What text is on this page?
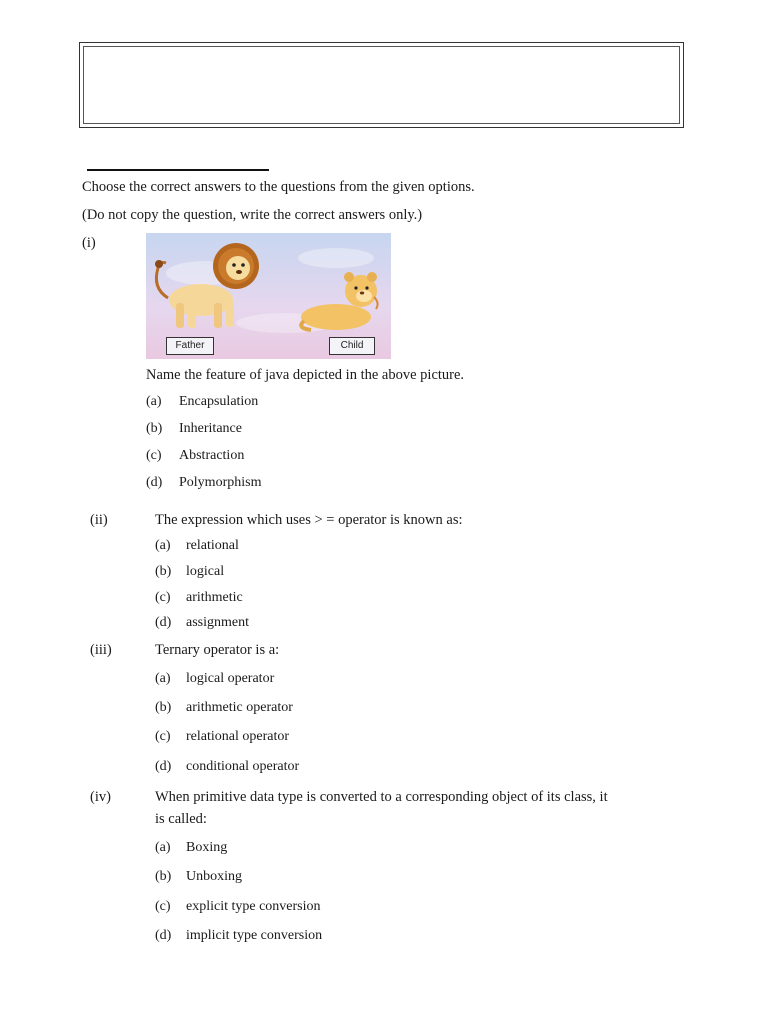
Choose the correct answers to the questions from the given options.
(Do not copy the question, write the correct answers only.)
(i)
Father	Child
Name the feature of java depicted in the above picture.
(a) Encapsulation
(b) Inheritance
(c) Abstraction
(d) Polymorphism
(ii)	The expression which uses > = operator is known as:
(a) relational
(b) logical
(c) arithmetic
(d) assignment
(iii)	Ternary operator is a:
(a) logical operator
(b) arithmetic operator
(c) relational operator
(d) conditional operator
(iv)	When primitive data type is converted to a corresponding object of its class, it
is called:
(a) Boxing
(b) Unboxing
(c) explicit type conversion
(d) implicit type conversion
